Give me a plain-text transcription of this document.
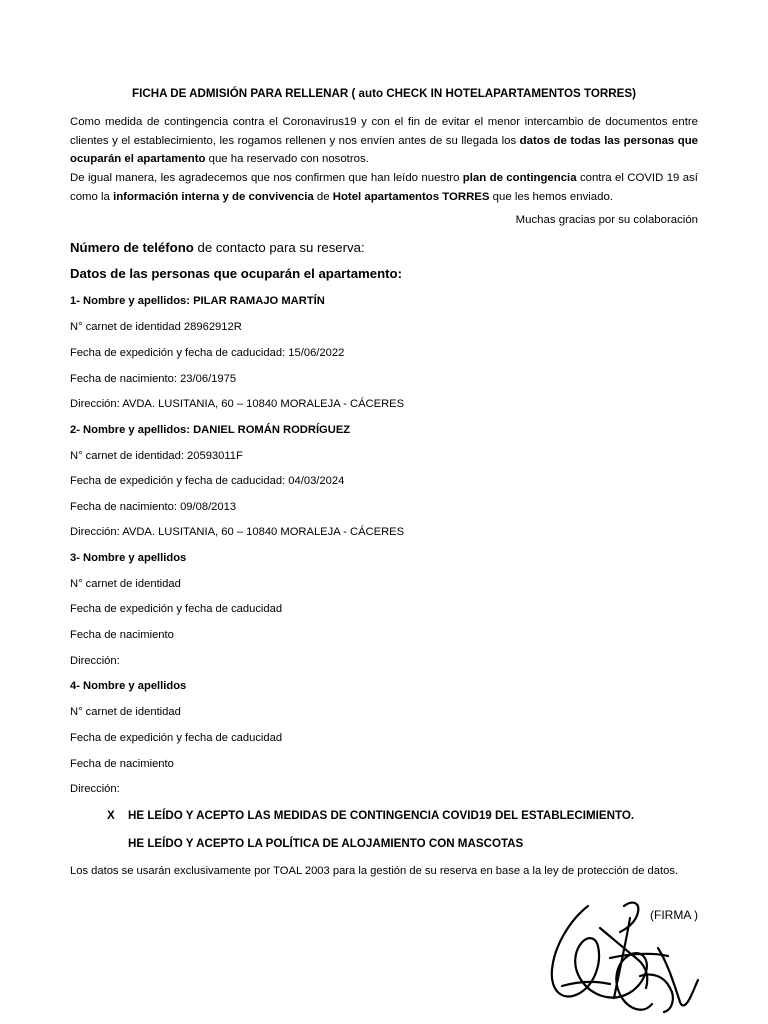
FICHA DE ADMISIÓN PARA RELLENAR ( auto CHECK IN HOTELAPARTAMENTOS TORRES)
Como medida de contingencia contra el Coronavirus19 y con el fin de evitar el menor intercambio de documentos entre clientes y el establecimiento, les rogamos rellenen y nos envíen antes de su llegada los datos de todas las personas que ocuparán el apartamento que ha reservado con nosotros.
De igual manera, les agradecemos que nos confirmen que han leído nuestro plan de contingencia contra el COVID 19 así como la información interna y de convivencia de Hotel apartamentos TORRES que les hemos enviado.
Muchas gracias por su colaboración
Número de teléfono de contacto para su reserva:
Datos de las personas que ocuparán el apartamento:
1- Nombre y apellidos: PILAR RAMAJO MARTÍN
N° carnet de identidad 28962912R
Fecha de expedición y fecha de caducidad: 15/06/2022
Fecha de nacimiento: 23/06/1975
Dirección: AVDA. LUSITANIA, 60 – 10840 MORALEJA - CÁCERES
2- Nombre y apellidos: DANIEL ROMÁN RODRÍGUEZ
N° carnet de identidad: 20593011F
Fecha de expedición y fecha de caducidad: 04/03/2024
Fecha de nacimiento: 09/08/2013
Dirección: AVDA. LUSITANIA, 60 – 10840 MORALEJA - CÁCERES
3- Nombre y apellidos
N° carnet de identidad
Fecha de expedición y fecha de caducidad
Fecha de nacimiento
Dirección:
4- Nombre y apellidos
N° carnet de identidad
Fecha de expedición y fecha de caducidad
Fecha de nacimiento
Dirección:
X HE LEÍDO Y ACEPTO LAS MEDIDAS DE CONTINGENCIA COVID19 DEL ESTABLECIMIENTO.
HE LEÍDO Y ACEPTO LA POLÍTICA DE ALOJAMIENTO CON MASCOTAS
Los datos se usarán exclusivamente por TOAL 2003 para la gestión de su reserva en base a la ley de protección de datos.
(FIRMA )
